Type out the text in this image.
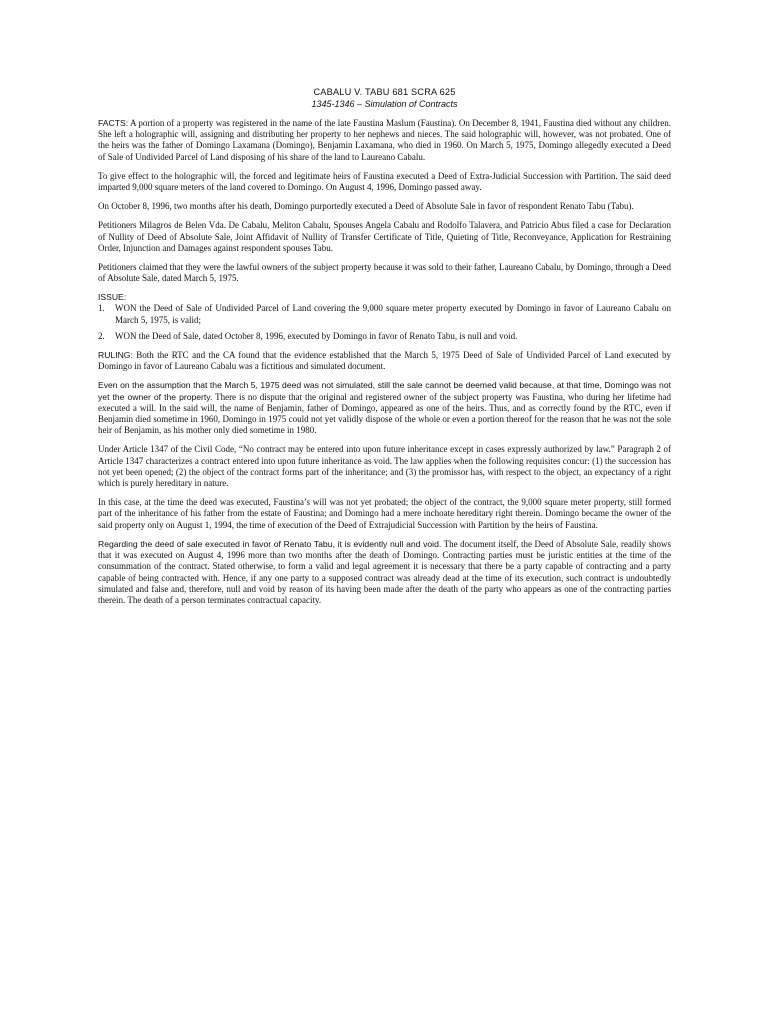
CABALU V. TABU 681 SCRA 625
1345-1346 – Simulation of Contracts

FACTS: A portion of a property was registered in the name of the late Faustina Maslum (Faustina). On December 8, 1941, Faustina died without any children. She left a holographic will, assigning and distributing her property to her nephews and nieces. The said holographic will, however, was not probated. One of the heirs was the father of Domingo Laxamana (Domingo), Benjamin Laxamana, who died in 1960. On March 5, 1975, Domingo allegedly executed a Deed of Sale of Undivided Parcel of Land disposing of his share of the land to Laureano Cabalu.

To give effect to the holographic will, the forced and legitimate heirs of Faustina executed a Deed of Extra-Judicial Succession with Partition. The said deed imparted 9,000 square meters of the land covered to Domingo. On August 4, 1996, Domingo passed away.

On October 8, 1996, two months after his death, Domingo purportedly executed a Deed of Absolute Sale in favor of respondent Renato Tabu (Tabu).

Petitioners Milagros de Belen Vda. De Cabalu, Meliton Cabalu, Spouses Angela Cabalu and Rodolfo Talavera, and Patricio Abus filed a case for Declaration of Nullity of Deed of Absolute Sale, Joint Affidavit of Nullity of Transfer Certificate of Title, Quieting of Title, Reconveyance, Application for Restraining Order, Injunction and Damages against respondent spouses Tabu.

Petitioners claimed that they were the lawful owners of the subject property because it was sold to their father, Laureano Cabalu, by Domingo, through a Deed of Absolute Sale, dated March 5, 1975.

ISSUE:
1.	WON the Deed of Sale of Undivided Parcel of Land covering the 9,000 square meter property executed by Domingo in favor of Laureano Cabalu on March 5, 1975, is valid;
2.	WON the Deed of Sale, dated October 8, 1996, executed by Domingo in favor of Renato Tabu, is null and void.

RULING: Both the RTC and the CA found that the evidence established that the March 5, 1975 Deed of Sale of Undivided Parcel of Land executed by Domingo in favor of Laureano Cabalu was a fictitious and simulated document.

Even on the assumption that the March 5, 1975 deed was not simulated, still the sale cannot be deemed valid because, at that time, Domingo was not yet the owner of the property. There is no dispute that the original and registered owner of the subject property was Faustina, who during her lifetime had executed a will. In the said will, the name of Benjamin, father of Domingo, appeared as one of the heirs. Thus, and as correctly found by the RTC, even if Benjamin died sometime in 1960, Domingo in 1975 could not yet validly dispose of the whole or even a portion thereof for the reason that he was not the sole heir of Benjamin, as his mother only died sometime in 1980.

Under Article 1347 of the Civil Code, “No contract may be entered into upon future inheritance except in cases expressly authorized by law.” Paragraph 2 of Article 1347 characterizes a contract entered into upon future inheritance as void. The law applies when the following requisites concur: (1) the succession has not yet been opened; (2) the object of the contract forms part of the inheritance; and (3) the promissor has, with respect to the object, an expectancy of a right which is purely hereditary in nature.

In this case, at the time the deed was executed, Faustina’s will was not yet probated; the object of the contract, the 9,000 square meter property, still formed part of the inheritance of his father from the estate of Faustina; and Domingo had a mere inchoate hereditary right therein. Domingo became the owner of the said property only on August 1, 1994, the time of execution of the Deed of Extrajudicial Succession with Partition by the heirs of Faustina.

Regarding the deed of sale executed in favor of Renato Tabu, it is evidently null and void. The document itself, the Deed of Absolute Sale, readily shows that it was executed on August 4, 1996 more than two months after the death of Domingo. Contracting parties must be juristic entities at the time of the consummation of the contract. Stated otherwise, to form a valid and legal agreement it is necessary that there be a party capable of contracting and a party capable of being contracted with. Hence, if any one party to a supposed contract was already dead at the time of its execution, such contract is undoubtedly simulated and false and, therefore, null and void by reason of its having been made after the death of the party who appears as one of the contracting parties therein. The death of a person terminates contractual capacity.
